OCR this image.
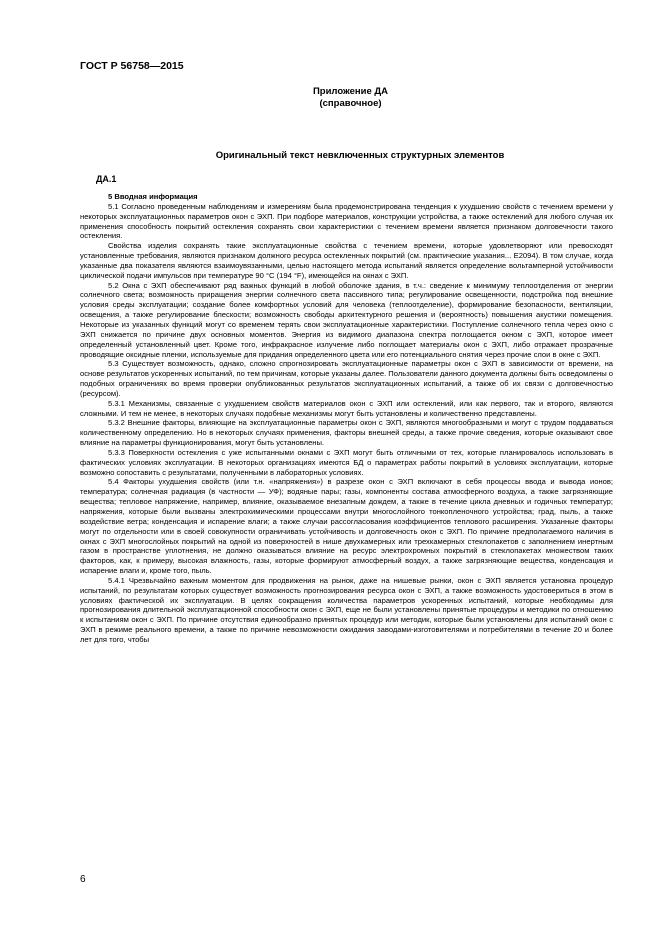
ГОСТ Р 56758—2015
Приложение ДА
(справочное)
Оригинальный текст невключенных структурных элементов
ДА.1

5 Вводная информация

5.1 Согласно проведенным наблюдениям и измерениям была продемонстрирована тенденция к ухудшению свойств с течением времени у некоторых эксплуатационных параметров окон с ЭХП. При подборе материалов, конструкции устройства, а также остеклений для любого случая их применения способность покрытий остекления сохранять свои характеристики с течением времени является признаком долговечности такого остекления.

Свойства изделия сохранять такие эксплуатационные свойства с течением времени, которые удовлетворяют или превосходят установленные требования, являются признаком должного ресурса остекленных покрытий (см. практические указания... E2094). В том случае, когда указанные два показателя являются взаимоувязанными, целью настоящего метода испытаний является определение вольтамперной устойчивости циклической подачи импульсов при температуре 90 °С (194 °F), имеющейся на окнах с ЭХП.

5.2 Окна с ЭХП обеспечивают ряд важных функций в любой оболочке здания, в т.ч.: сведение к минимуму теплоотделения от энергии солнечного света; возможность приращения энергии солнечного света пассивного типа; регулирование освещенности, подстройка под внешние условия среды эксплуатации; создание более комфортных условий для человека (теплоотделение), формирование безопасности, вентиляции, освещения, а также регулирование блескости; возможность свободы архитектурного решения и (вероятность) повышения акустики помещения. Некоторые из указанных функций могут со временем терять свои эксплуатационные характеристики. Поступление солнечного тепла через окно с ЭХП снижается по причине двух основных моментов. Энергия из видимого диапазона спектра поглощается окном с ЭХП, которое имеет определенный установленный цвет. Кроме того, инфракрасное излучение либо поглощает материалы окон с ЭХП, либо отражает прозрачные проводящие оксидные пленки, используемые для придания определенного цвета или его потенциального снятия через прочие слои в окне с ЭХП.

5.3 Существует возможность, однако, сложно спрогнозировать эксплуатационные параметры окон с ЭХП в зависимости от времени, на основе результатов ускоренных испытаний, по тем причинам, которые указаны далее. Пользователи данного документа должны быть осведомлены о подобных ограничениях во время проверки опубликованных результатов эксплуатационных испытаний, а также об их связи с долговечностью (ресурсом).

5.3.1 Механизмы, связанные с ухудшением свойств материалов окон с ЭХП или остеклений, или как первого, так и второго, являются сложными. И тем не менее, в некоторых случаях подобные механизмы могут быть установлены и количественно представлены.

5.3.2 Внешние факторы, влияющие на эксплуатационные параметры окон с ЭХП, являются многообразными и могут с трудом поддаваться количественному определению. Но в некоторых случаях применения, факторы внешней среды, а также прочие сведения, которые оказывают свое влияние на параметры функционирования, могут быть установлены.

5.3.3 Поверхности остекления с уже испытанными окнами с ЭХП могут быть отличными от тех, которые планировалось использовать в фактических условиях эксплуатации. В некоторых организациях имеются БД о параметрах работы покрытий в условиях эксплуатации, которые возможно сопоставить с результатами, полученными в лабораторных условиях.

5.4 Факторы ухудшения свойств (или т.н. «напряжения») в разрезе окон с ЭХП включают в себя процессы ввода и вывода ионов; температура; солнечная радиация (в частности — УФ); водяные пары; газы, компоненты состава атмосферного воздуха, а также загрязняющие вещества; тепловое напряжение, например, влияние, оказываемое внезапным дождем, а также в течение цикла дневных и годичных температур; напряжения, которые были вызваны электрохимическими процессами внутри многослойного тонкопленочного устройства; град, пыль, а также воздействие ветра; конденсация и испарение влаги; а также случаи рассогласования коэффициентов теплового расширения. Указанные факторы могут по отдельности или в своей совокупности ограничивать устойчивость и долговечность окон с ЭХП. По причине предполагаемого наличия в окнах с ЭХП многослойных покрытий на одной из поверхностей в нише двухкамерных или трехкамерных стеклопакетов с заполнением инертным газом в пространстве уплотнения, не должно оказываться влияние на ресурс электрохромных покрытий в стеклопакетах множеством таких факторов, как, к примеру, высокая влажность, газы, которые формируют атмосферный воздух, а также загрязняющие вещества, конденсация и испарение влаги и, кроме того, пыль.

5.4.1 Чрезвычайно важным моментом для продвижения на рынок, даже на нишевые рынки, окон с ЭХП является установка процедур испытаний, по результатам которых существует возможность прогнозирования ресурса окон с ЭХП, а также возможность удостовериться в этом в условиях фактической их эксплуатации. В целях сокращения количества параметров ускоренных испытаний, которые необходимы для прогнозирования длительной эксплуатационной способности окон с ЭХП, еще не были установлены принятые процедуры и методики по отношению к испытаниям окон с ЭХП. По причине отсутствия единообразно принятых процедур или методик, которые были установлены для испытаний окон с ЭХП в режиме реального времени, а также по причине невозможности ожидания заводами-изготовителями и потребителями в течение 20 и более лет для того, чтобы

6
